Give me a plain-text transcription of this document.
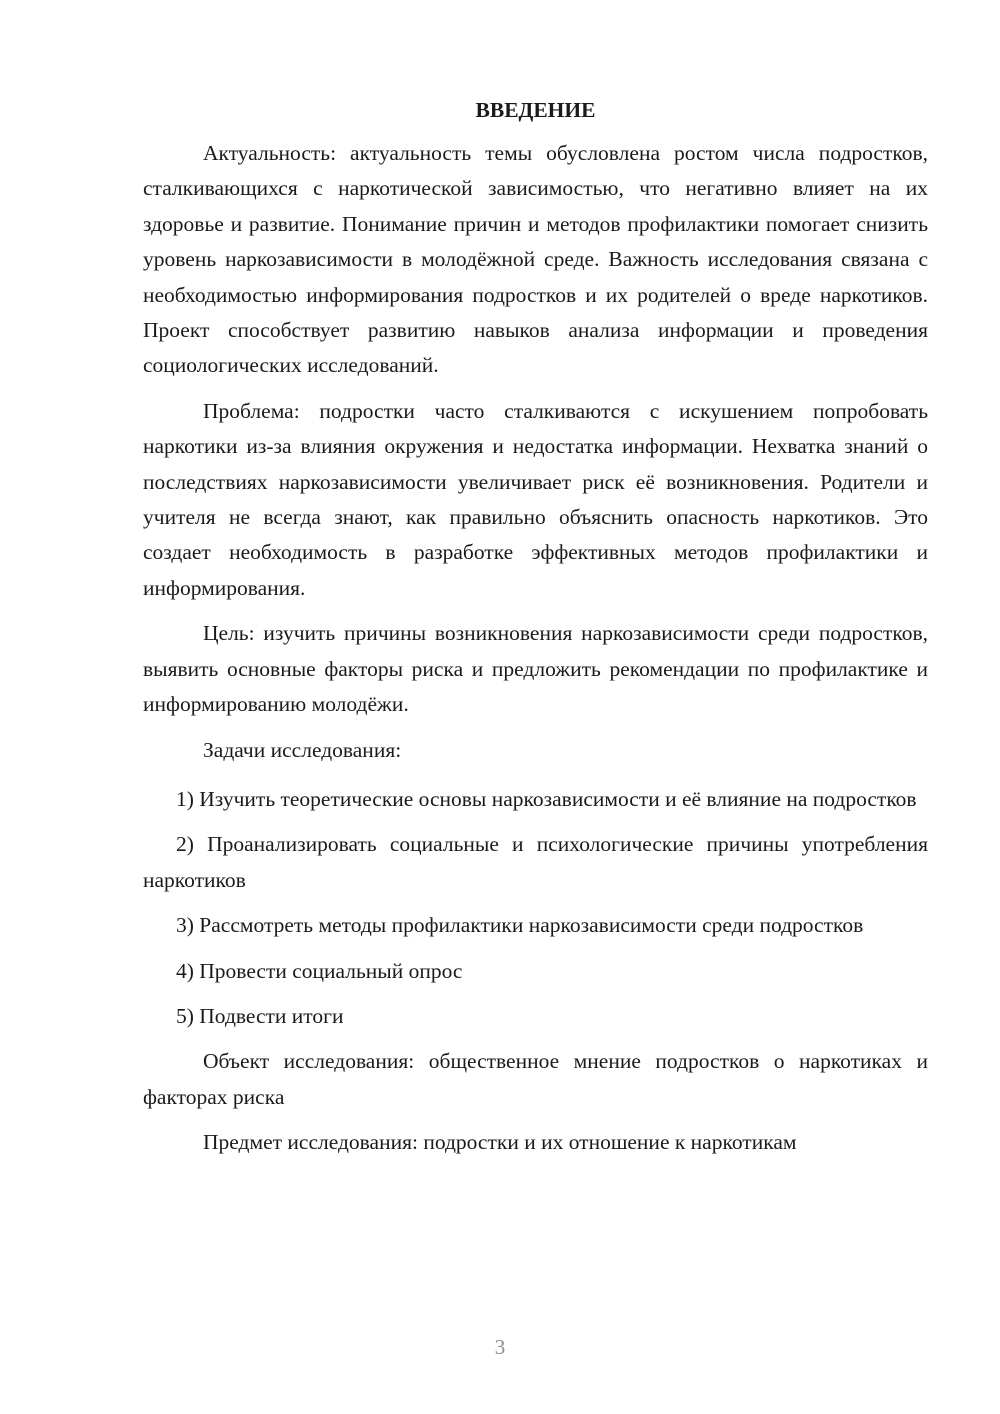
ВВЕДЕНИЕ

Актуальность: актуальность темы обусловлена ростом числа подростков, сталкивающихся с наркотической зависимостью, что негативно влияет на их здоровье и развитие. Понимание причин и методов профилактики помогает снизить уровень наркозависимости в молодёжной среде. Важность исследования связана с необходимостью информирования подростков и их родителей о вреде наркотиков. Проект способствует развитию навыков анализа информации и проведения социологических исследований.

Проблема: подростки часто сталкиваются с искушением попробовать наркотики из-за влияния окружения и недостатка информации. Нехватка знаний о последствиях наркозависимости увеличивает риск её возникновения. Родители и учителя не всегда знают, как правильно объяснить опасность наркотиков. Это создает необходимость в разработке эффективных методов профилактики и информирования.

Цель: изучить причины возникновения наркозависимости среди подростков, выявить основные факторы риска и предложить рекомендации по профилактике и информированию молодёжи.

Задачи исследования:

1) Изучить теоретические основы наркозависимости и её влияние на подростков

2) Проанализировать социальные и психологические причины употребления наркотиков

3) Рассмотреть методы профилактики наркозависимости среди подростков

4) Провести социальный опрос

5) Подвести итоги

Объект исследования: общественное мнение подростков о наркотиках и факторах риска

Предмет исследования: подростки и их отношение к наркотикам

3
